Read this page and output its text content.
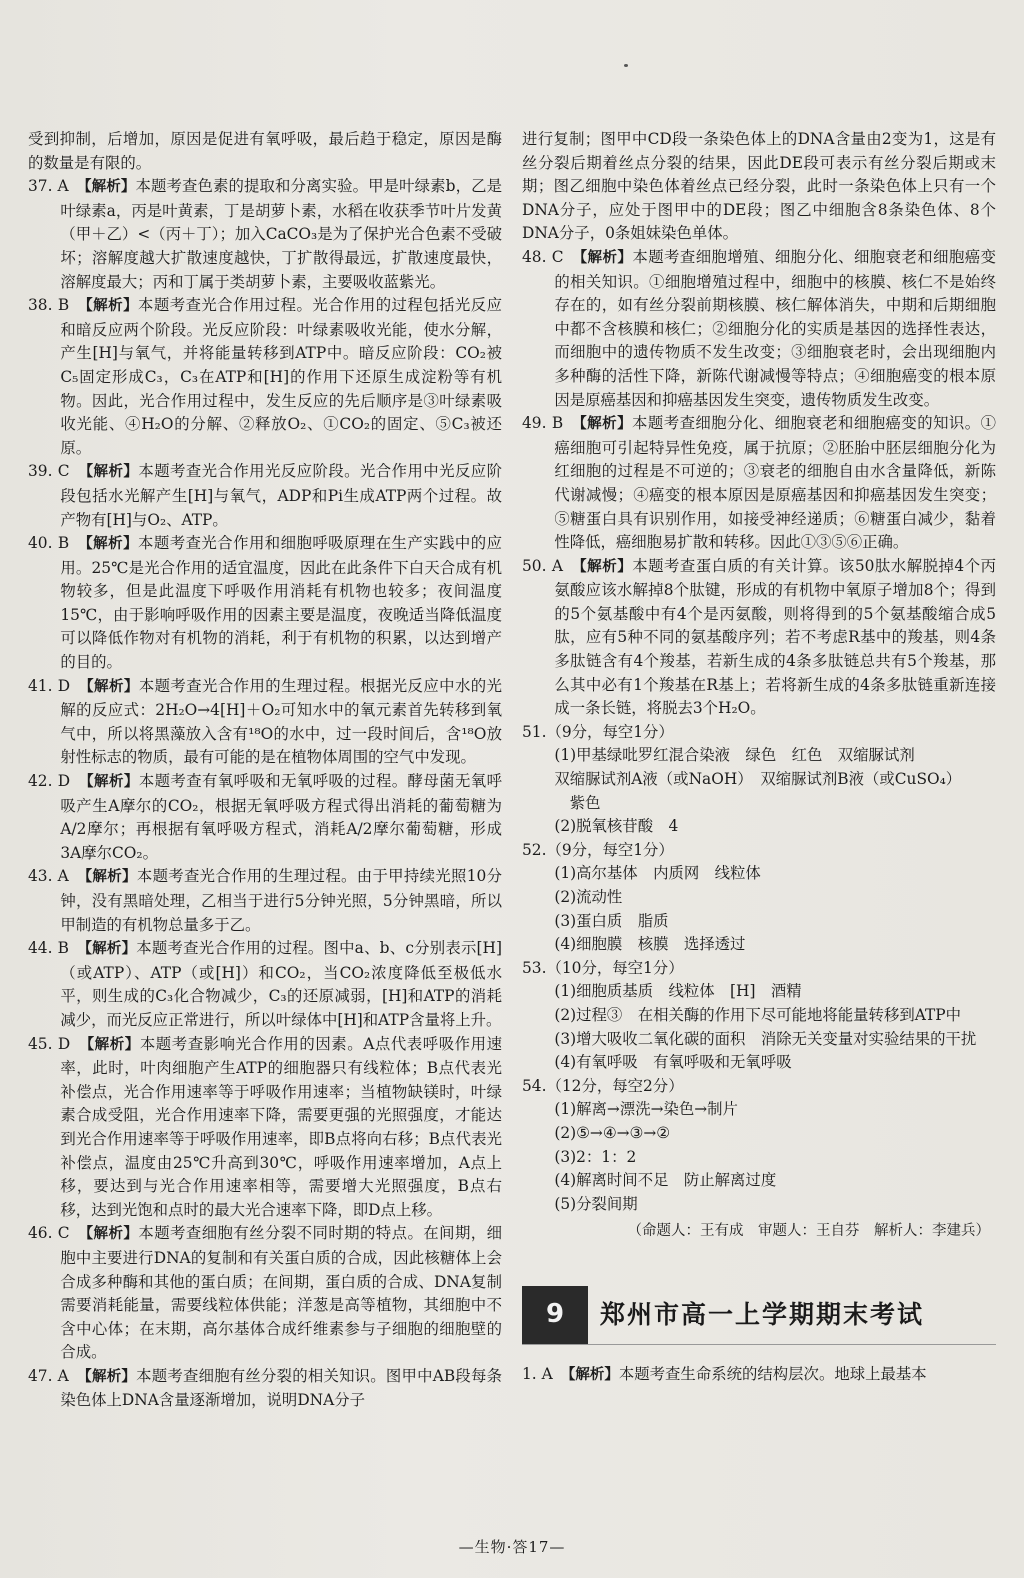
受到抑制，后增加，原因是促进有氧呼吸，最后趋于稳定，原因是酶的数量是有限的。

37. A　 【解析】本题考查色素的提取和分离实验。甲是叶绿素b，乙是叶绿素a，丙是叶黄素，丁是胡萝卜素，水稻在收获季节叶片发黄（甲＋乙）<（丙＋丁）；加入CaCO₃是为了保护光合色素不受破坏；溶解度越大扩散速度越快，丁扩散得最远，扩散速度最快，溶解度最大；丙和丁属于类胡萝卜素，主要吸收蓝紫光。

38. B　 【解析】本题考查光合作用过程。光合作用的过程包括光反应和暗反应两个阶段。光反应阶段：叶绿素吸收光能，使水分解，产生[H]与氧气，并将能量转移到ATP中。暗反应阶段：CO₂被C₅固定形成C₃，C₃在ATP和[H]的作用下还原生成淀粉等有机物。因此，光合作用过程中，发生反应的先后顺序是③叶绿素吸收光能、④H₂O的分解、②释放O₂、①CO₂的固定、⑤C₃被还原。

39. C　 【解析】本题考查光合作用光反应阶段。光合作用中光反应阶段包括水光解产生[H]与氧气，ADP和Pi生成ATP两个过程。故产物有[H]与O₂、ATP。

40. B　 【解析】本题考查光合作用和细胞呼吸原理在生产实践中的应用。25℃是光合作用的适宜温度，因此在此条件下白天合成有机物较多，但是此温度下呼吸作用消耗有机物也较多；夜间温度15℃，由于影响呼吸作用的因素主要是温度，夜晚适当降低温度可以降低作物对有机物的消耗，利于有机物的积累，以达到增产的目的。

41. D　 【解析】本题考查光合作用的生理过程。根据光反应中水的光解的反应式：2H₂O→4[H]＋O₂可知水中的氧元素首先转移到氧气中，所以将黑藻放入含有¹⁸O的水中，过一段时间后，含¹⁸O放射性标志的物质，最有可能的是在植物体周围的空气中发现。

42. D　 【解析】本题考查有氧呼吸和无氧呼吸的过程。酵母菌无氧呼吸产生A摩尔的CO₂，根据无氧呼吸方程式得出消耗的葡萄糖为A/2摩尔；再根据有氧呼吸方程式，消耗A/2摩尔葡萄糖，形成3A摩尔CO₂。

43. A　 【解析】本题考查光合作用的生理过程。由于甲持续光照10分钟，没有黑暗处理，乙相当于进行5分钟光照，5分钟黑暗，所以甲制造的有机物总量多于乙。

44. B　 【解析】本题考查光合作用的过程。图中a、b、c分别表示[H]（或ATP）、ATP（或[H]）和CO₂，当CO₂浓度降低至极低水平，则生成的C₃化合物减少，C₃的还原减弱，[H]和ATP的消耗减少，而光反应正常进行，所以叶绿体中[H]和ATP含量将上升。

45. D　 【解析】本题考查影响光合作用的因素。A点代表呼吸作用速率，此时，叶肉细胞产生ATP的细胞器只有线粒体；B点代表光补偿点，光合作用速率等于呼吸作用速率；当植物缺镁时，叶绿素合成受阻，光合作用速率下降，需要更强的光照强度，才能达到光合作用速率等于呼吸作用速率，即B点将向右移；B点代表光补偿点，温度由25℃升高到30℃，呼吸作用速率增加，A点上移，要达到与光合作用速率相等，需要增大光照强度，B点右移，达到光饱和点时的最大光合速率下降，即D点上移。

46. C　 【解析】本题考查细胞有丝分裂不同时期的特点。在间期，细胞中主要进行DNA的复制和有关蛋白质的合成，因此核糖体上会合成多种酶和其他的蛋白质；在间期，蛋白质的合成、DNA复制需要消耗能量，需要线粒体供能；洋葱是高等植物，其细胞中不含中心体；在末期，高尔基体合成纤维素参与子细胞的细胞壁的合成。

47. A　 【解析】本题考查细胞有丝分裂的相关知识。图甲中AB段每条染色体上DNA含量逐渐增加，说明DNA分子

进行复制；图甲中CD段一条染色体上的DNA含量由2变为1，这是有丝分裂后期着丝点分裂的结果，因此DE段可表示有丝分裂后期或末期；图乙细胞中染色体着丝点已经分裂，此时一条染色体上只有一个DNA分子，应处于图甲中的DE段；图乙中细胞含8条染色体、8个DNA分子，0条姐妹染色单体。

48. C　 【解析】本题考查细胞增殖、细胞分化、细胞衰老和细胞癌变的相关知识。①细胞增殖过程中，细胞中的核膜、核仁不是始终存在的，如有丝分裂前期核膜、核仁解体消失，中期和后期细胞中都不含核膜和核仁；②细胞分化的实质是基因的选择性表达，而细胞中的遗传物质不发生改变；③细胞衰老时，会出现细胞内多种酶的活性下降，新陈代谢减慢等特点；④细胞癌变的根本原因是原癌基因和抑癌基因发生突变，遗传物质发生改变。

49. B　 【解析】本题考查细胞分化、细胞衰老和细胞癌变的知识。①癌细胞可引起特异性免疫，属于抗原；②胚胎中胚层细胞分化为红细胞的过程是不可逆的；③衰老的细胞自由水含量降低，新陈代谢减慢；④癌变的根本原因是原癌基因和抑癌基因发生突变；⑤糖蛋白具有识别作用，如接受神经递质；⑥糖蛋白减少，黏着性降低，癌细胞易扩散和转移。因此①③⑤⑥正确。

50. A　 【解析】本题考查蛋白质的有关计算。该50肽水解脱掉4个丙氨酸应该水解掉8个肽键，形成的有机物中氧原子增加8个；得到的5个氨基酸中有4个是丙氨酸，则将得到的5个氨基酸缩合成5肽，应有5种不同的氨基酸序列；若不考虑R基中的羧基，则4条多肽链含有4个羧基，若新生成的4条多肽链总共有5个羧基，那么其中必有1个羧基在R基上；若将新生成的4条多肽链重新连接成一条长链，将脱去3个H₂O。

51.（9分，每空1分）

(1)甲基绿吡罗红混合染液　绿色　红色　双缩脲试剂

双缩脲试剂A液（或NaOH）　双缩脲试剂B液（或CuSO₄）

紫色

(2)脱氧核苷酸　4

52.（9分，每空1分）

(1)高尔基体　内质网　线粒体

(2)流动性

(3)蛋白质　脂质

(4)细胞膜　核膜　选择透过

53.（10分，每空1分）

(1)细胞质基质　线粒体　[H]　酒精

(2)过程③　在相关酶的作用下尽可能地将能量转移到ATP中

(3)增大吸收二氧化碳的面积　消除无关变量对实验结果的干扰

(4)有氧呼吸　有氧呼吸和无氧呼吸

54.（12分，每空2分）

(1)解离→漂洗→染色→制片

(2)⑤→④→③→②

(3)2：1：2

(4)解离时间不足　防止解离过度

(5)分裂间期

（命题人：王有成　审题人：王自芬　解析人：李建兵）

9	郑州市高一上学期期末考试

1. A　 【解析】本题考查生命系统的结构层次。地球上最基本

—生物·答17—
